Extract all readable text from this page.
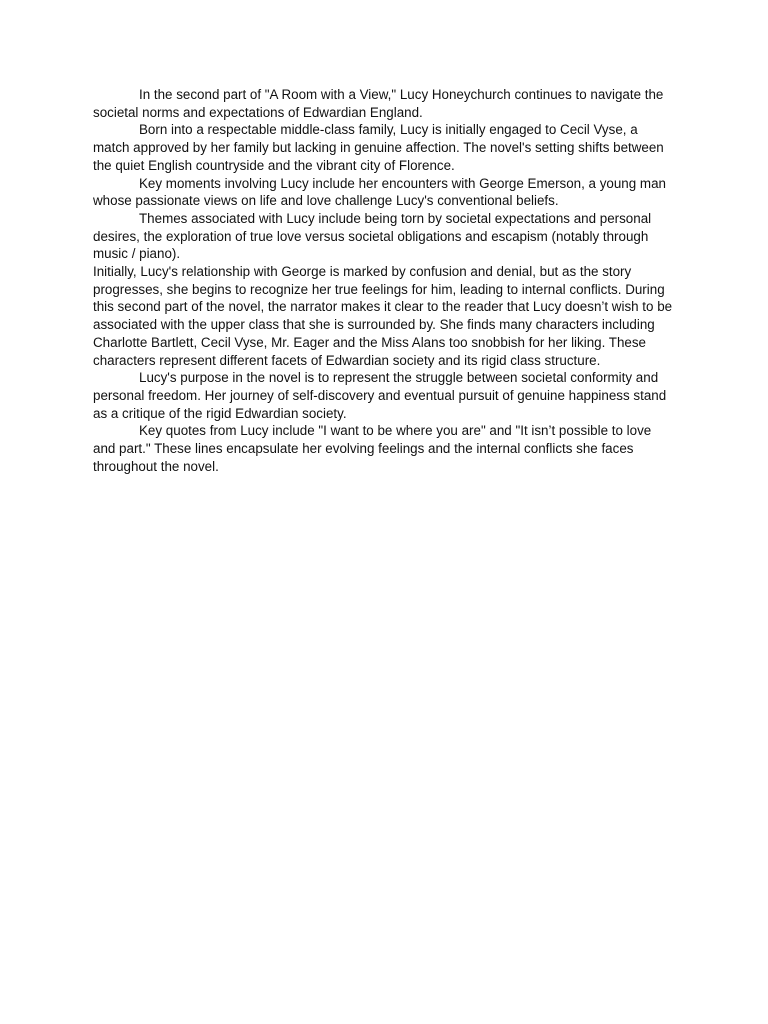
In the second part of "A Room with a View," Lucy Honeychurch continues to navigate the societal norms and expectations of Edwardian England.

Born into a respectable middle-class family, Lucy is initially engaged to Cecil Vyse, a match approved by her family but lacking in genuine affection. The novel's setting shifts between the quiet English countryside and the vibrant city of Florence.

Key moments involving Lucy include her encounters with George Emerson, a young man whose passionate views on life and love challenge Lucy's conventional beliefs.

Themes associated with Lucy include being torn by societal expectations and personal desires, the exploration of true love versus societal obligations and escapism (notably through music / piano).

Initially, Lucy's relationship with George is marked by confusion and denial, but as the story progresses, she begins to recognize her true feelings for him, leading to internal conflicts. During this second part of the novel, the narrator makes it clear to the reader that Lucy doesn’t wish to be associated with the upper class that she is surrounded by. She finds many characters including Charlotte Bartlett, Cecil Vyse, Mr. Eager and the Miss Alans too snobbish for her liking. These characters represent different facets of Edwardian society and its rigid class structure.

Lucy's purpose in the novel is to represent the struggle between societal conformity and personal freedom. Her journey of self-discovery and eventual pursuit of genuine happiness stand as a critique of the rigid Edwardian society.

Key quotes from Lucy include "I want to be where you are" and "It isn’t possible to love and part." These lines encapsulate her evolving feelings and the internal conflicts she faces throughout the novel.
